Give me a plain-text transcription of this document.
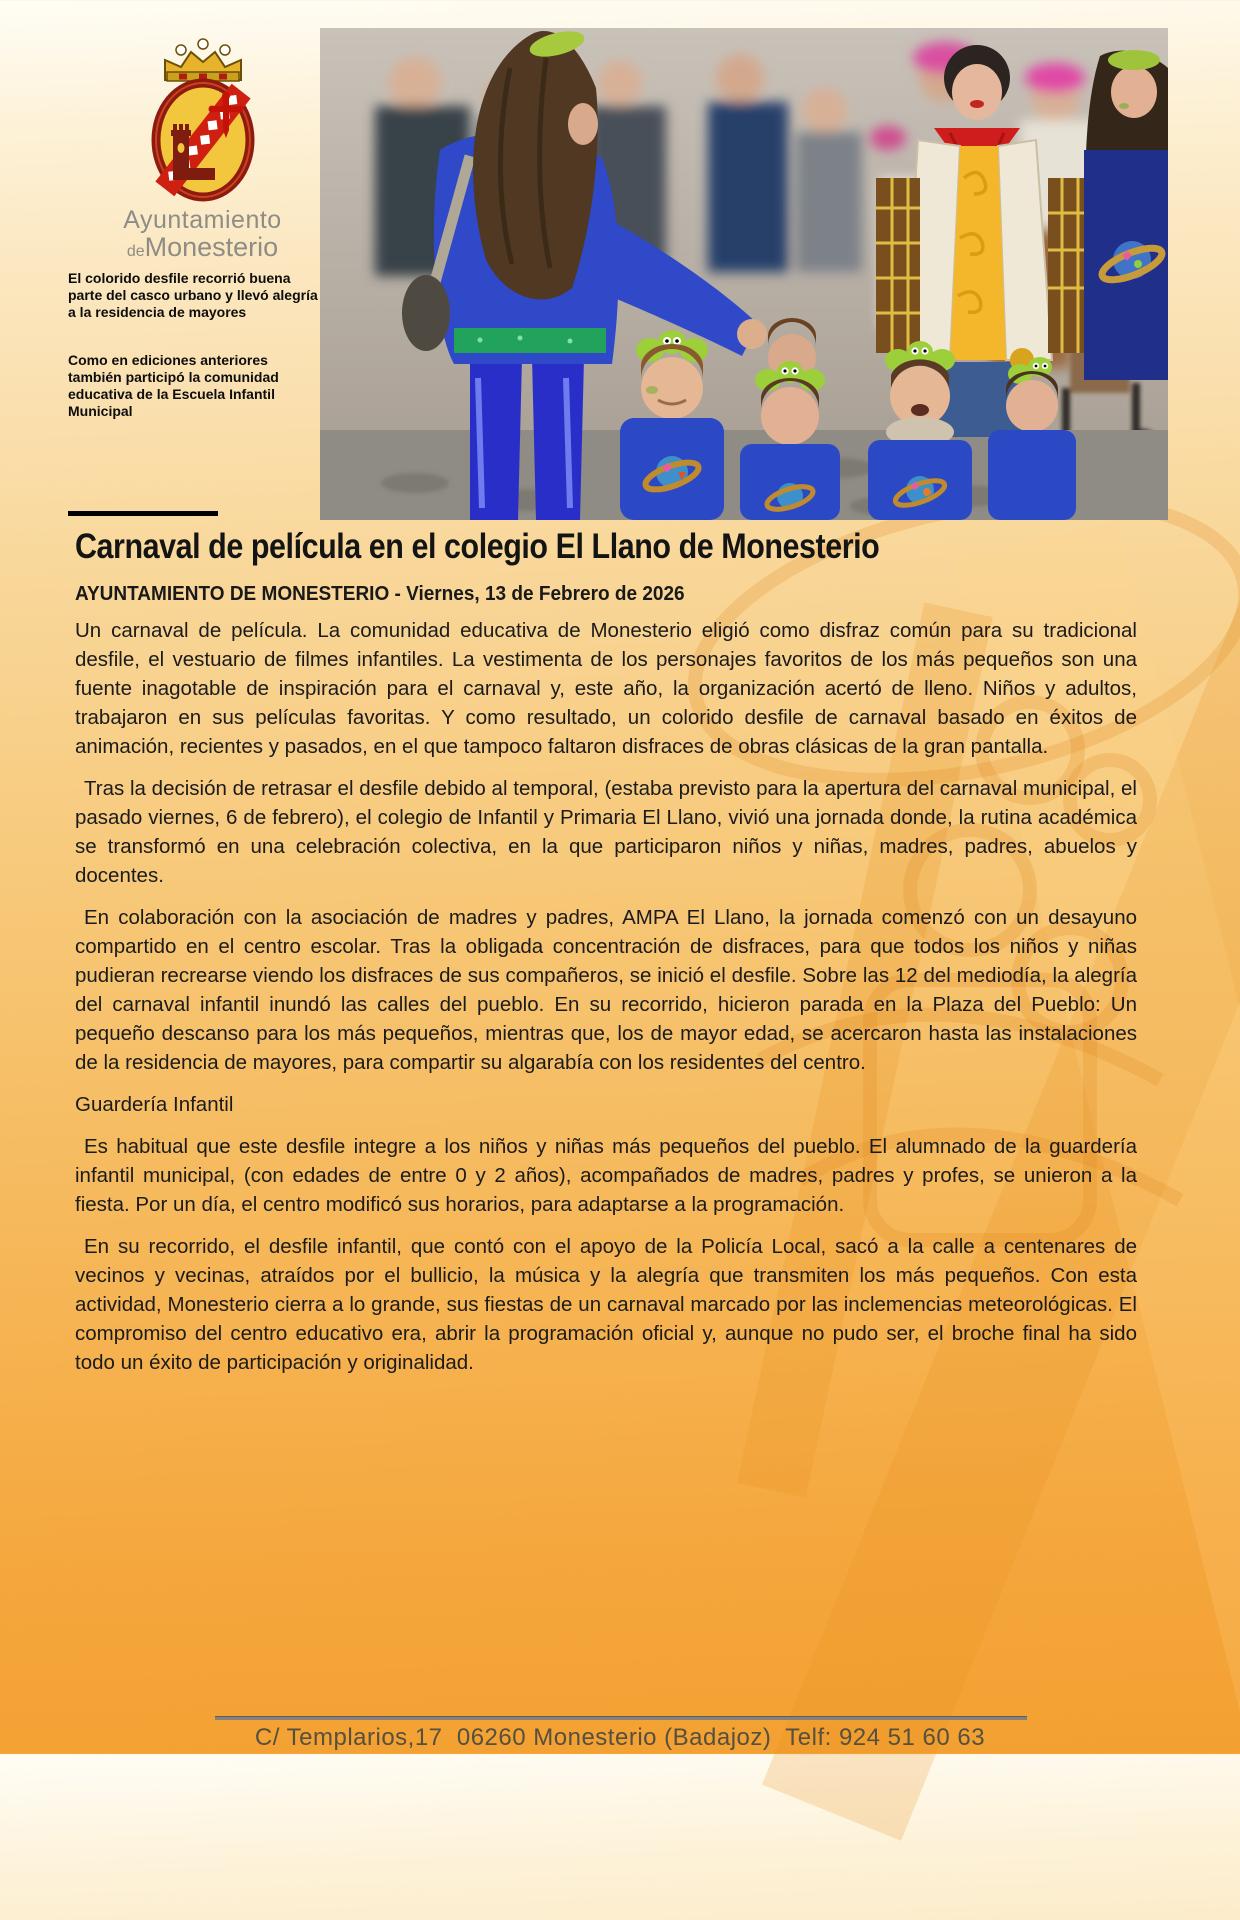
Ayuntamiento
deMonesterio
El colorido desfile recorrió buena parte del casco urbano y llevó alegría a la residencia de mayores
Como en ediciones anteriores también participó la comunidad educativa de la Escuela Infantil Municipal
Carnaval de película en el colegio El Llano de Monesterio
AYUNTAMIENTO DE MONESTERIO - Viernes, 13 de Febrero de 2026

Un carnaval de película. La comunidad educativa de Monesterio eligió como disfraz común para su tradicional desfile, el vestuario de filmes infantiles. La vestimenta de los personajes favoritos de los más pequeños son una fuente inagotable de inspiración para el carnaval y, este año, la organización acertó de lleno. Niños y adultos, trabajaron en sus películas favoritas. Y como resultado, un colorido desfile de carnaval basado en éxitos de animación, recientes y pasados, en el que tampoco faltaron disfraces de obras clásicas de la gran pantalla.

Tras la decisión de retrasar el desfile debido al temporal, (estaba previsto para la apertura del carnaval municipal, el pasado viernes, 6 de febrero), el colegio de Infantil y Primaria El Llano, vivió una jornada donde, la rutina académica se transformó en una celebración colectiva, en la que participaron niños y niñas, madres, padres, abuelos y docentes.

En colaboración con la asociación de madres y padres, AMPA El Llano, la jornada comenzó con un desayuno compartido en el centro escolar. Tras la obligada concentración de disfraces, para que todos los niños y niñas pudieran recrearse viendo los disfraces de sus compañeros, se inició el desfile. Sobre las 12 del mediodía, la alegría del carnaval infantil inundó las calles del pueblo. En su recorrido, hicieron parada en la Plaza del Pueblo: Un pequeño descanso para los más pequeños, mientras que, los de mayor edad, se acercaron hasta las instalaciones de la residencia de mayores, para compartir su algarabía con los residentes del centro.

Guardería Infantil

Es habitual que este desfile integre a los niños y niñas más pequeños del pueblo. El alumnado de la guardería infantil municipal, (con edades de entre 0 y 2 años), acompañados de madres, padres y profes, se unieron a la fiesta. Por un día, el centro modificó sus horarios, para adaptarse a la programación.

En su recorrido, el desfile infantil, que contó con el apoyo de la Policía Local, sacó a la calle a centenares de vecinos y vecinas, atraídos por el bullicio, la música y la alegría que transmiten los más pequeños. Con esta actividad, Monesterio cierra a lo grande, sus fiestas de un carnaval marcado por las inclemencias meteorológicas. El compromiso del centro educativo era, abrir la programación oficial y, aunque no pudo ser, el broche final ha sido todo un éxito de participación y originalidad.

C/ Templarios,17  06260 Monesterio (Badajoz)  Telf: 924 51 60 63
